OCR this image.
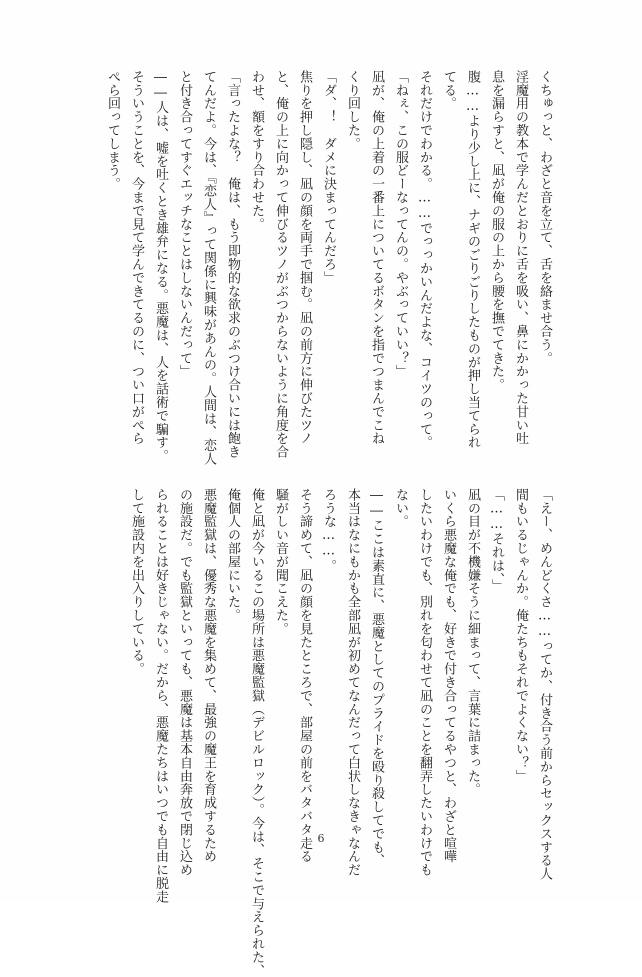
くちゅっと、わざと音を立て、舌を絡ませ合う。
淫魔用の教本で学んだとおりに舌を吸い、鼻にかかった甘い吐
息を漏らすと、凪が俺の服の上から腰を撫でてきた。
腹……より少し上に、ナギのごりごりしたものが押し当てられ
てる。
それだけでわかる。……でっっかいんだよな、コイツのって。
「ねぇ、この服どーなってんの。やぶっていい？」
凪が、俺の上着の一番上についてるボタンを指でつまんでこね
くり回した。
「ダ、！　ダメに決まってんだろ」
焦りを押し隠し、凪の顔を両手で掴む。凪の前方に伸びたツノ
と、俺の上に向かって伸びるツノがぶつからないように角度を合
わせ、額をすり合わせた。
「言ったよな？　俺は、もう即物的な欲求のぶつけ合いには飽き
てんだよ。今は、『恋人』って関係に興味があんの。人間は、恋人
と付き合ってすぐエッチなことはしないんだって」
――人は、嘘を吐くとき雄弁になる。悪魔は、人を話術で騙す。
そういうことを、今まで見て学んできてるのに、つい口がぺら
ぺら回ってしまう。
「えー、めんどくさ……ってか、付き合う前からセックスする人
間もいるじゃんか。俺たちもそれでよくない？」
「……それは、」
凪の目が不機嫌そうに細まって、言葉に詰まった。
いくら悪魔な俺でも、好きで付き合ってるやつと、わざと喧嘩
したいわけでも、別れを匂わせて凪のことを翻弄したいわけでも
ない。
――ここは素直に、悪魔としてのプライドを殴り殺してでも、
本当はなにもかも全部凪が初めてなんだって白状しなきゃなんだ
ろうな……。
そう諦めて、凪の顔を見たところで、部屋の前をバタバタ走る
騒がしい音が聞こえた。
俺と凪が今いるこの場所は悪魔監獄（デビルロック）。今は、そこで与えられた、
俺個人の部屋にいた。
悪魔監獄は、優秀な悪魔を集めて、最強の魔王を育成するため
の施設だ。でも監獄といっても、悪魔は基本自由奔放で閉じ込め
られることは好きじゃない。だから、悪魔たちはいつでも自由に脱走
して施設内を出入りしている。
6
